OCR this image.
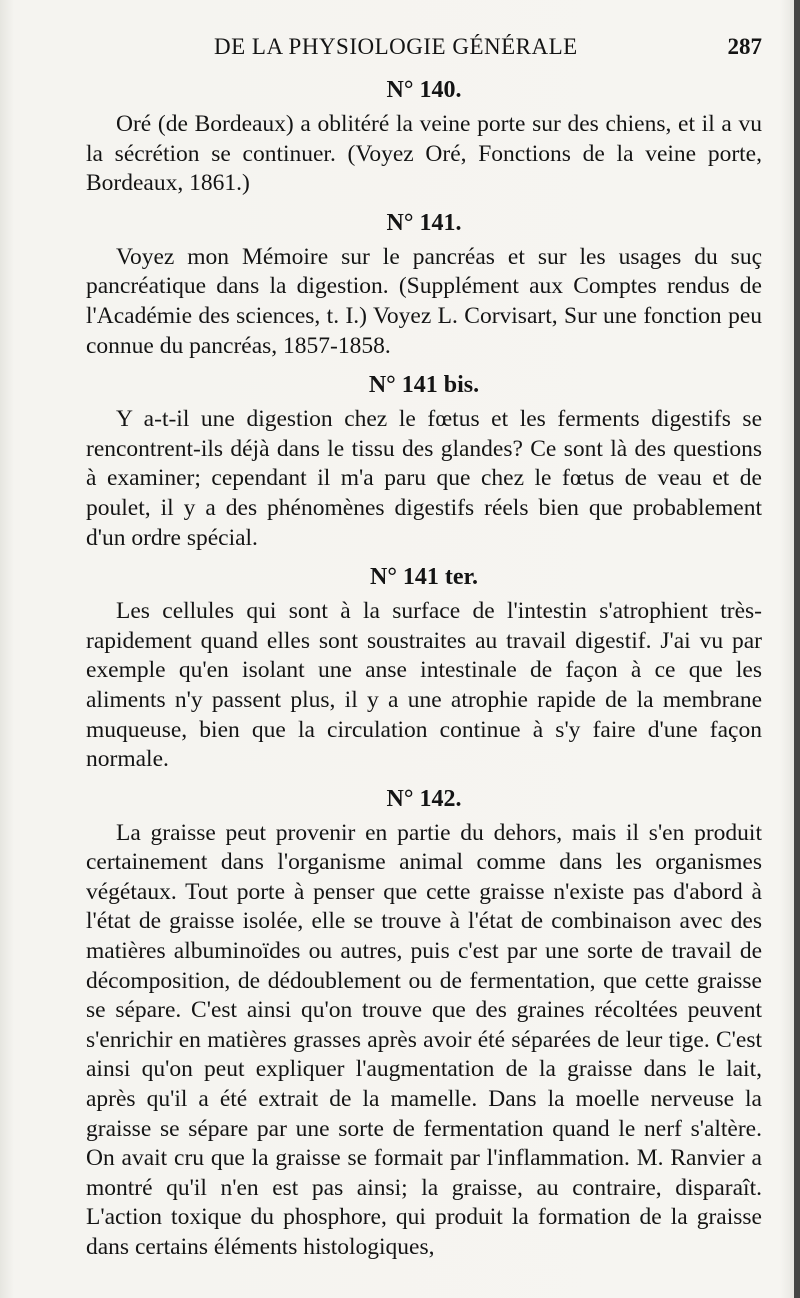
DE LA PHYSIOLOGIE GÉNÉRALE	287
N° 140.

Oré (de Bordeaux) a oblitéré la veine porte sur des chiens, et il a vu la sécrétion se continuer. (Voyez Oré, Fonctions de la veine porte, Bordeaux, 1861.)

N° 141.

Voyez mon Mémoire sur le pancréas et sur les usages du suç pancréatique dans la digestion. (Supplément aux Comptes rendus de l'Académie des sciences, t. I.) Voyez L. Corvisart, Sur une fonction peu connue du pancréas, 1857-1858.

N° 141 bis.

Y a-t-il une digestion chez le fœtus et les ferments digestifs se rencontrent-ils déjà dans le tissu des glandes? Ce sont là des questions à examiner; cependant il m'a paru que chez le fœtus de veau et de poulet, il y a des phénomènes digestifs réels bien que probablement d'un ordre spécial.

N° 141 ter.

Les cellules qui sont à la surface de l'intestin s'atrophient très-rapidement quand elles sont soustraites au travail digestif. J'ai vu par exemple qu'en isolant une anse intestinale de façon à ce que les aliments n'y passent plus, il y a une atrophie rapide de la membrane muqueuse, bien que la circulation continue à s'y faire d'une façon normale.

N° 142.

La graisse peut provenir en partie du dehors, mais il s'en produit certainement dans l'organisme animal comme dans les organismes végétaux. Tout porte à penser que cette graisse n'existe pas d'abord à l'état de graisse isolée, elle se trouve à l'état de combinaison avec des matières albuminoïdes ou autres, puis c'est par une sorte de travail de décomposition, de dédoublement ou de fermentation, que cette graisse se sépare. C'est ainsi qu'on trouve que des graines récoltées peuvent s'enrichir en matières grasses après avoir été séparées de leur tige. C'est ainsi qu'on peut expliquer l'augmentation de la graisse dans le lait, après qu'il a été extrait de la mamelle. Dans la moelle nerveuse la graisse se sépare par une sorte de fermentation quand le nerf s'altère. On avait cru que la graisse se formait par l'inflammation. M. Ranvier a montré qu'il n'en est pas ainsi; la graisse, au contraire, disparaît. L'action toxique du phosphore, qui produit la formation de la graisse dans certains éléments histologiques,
